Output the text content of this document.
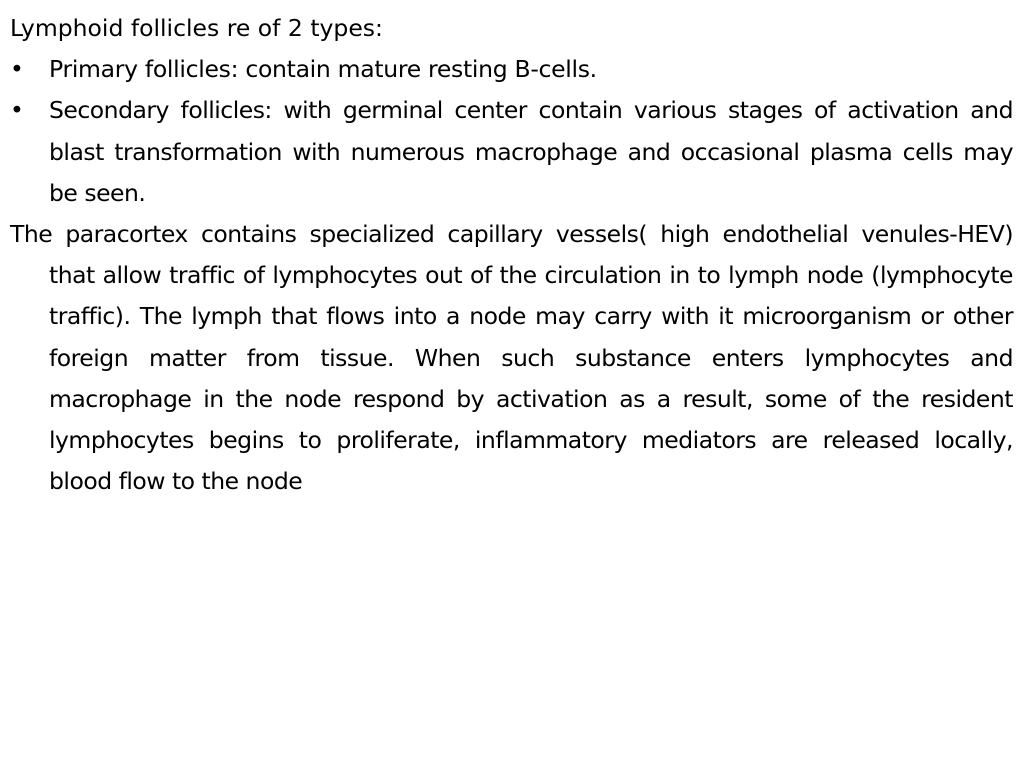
Lymphoid follicles re of 2 types:

• Primary follicles: contain mature resting B-cells.
• Secondary follicles: with germinal center contain various stages of activation and blast transformation with numerous macrophage and occasional plasma cells may be seen.

The paracortex contains specialized capillary vessels( high endothelial venules-HEV) that allow traffic of lymphocytes out of the circulation in to lymph node (lymphocyte traffic). The lymph that flows into a node may carry with it microorganism or other foreign matter from tissue. When such substance enters lymphocytes and macrophage in the node respond by activation as a result, some of the resident lymphocytes begins to proliferate, inflammatory mediators are released locally, blood flow to the node
